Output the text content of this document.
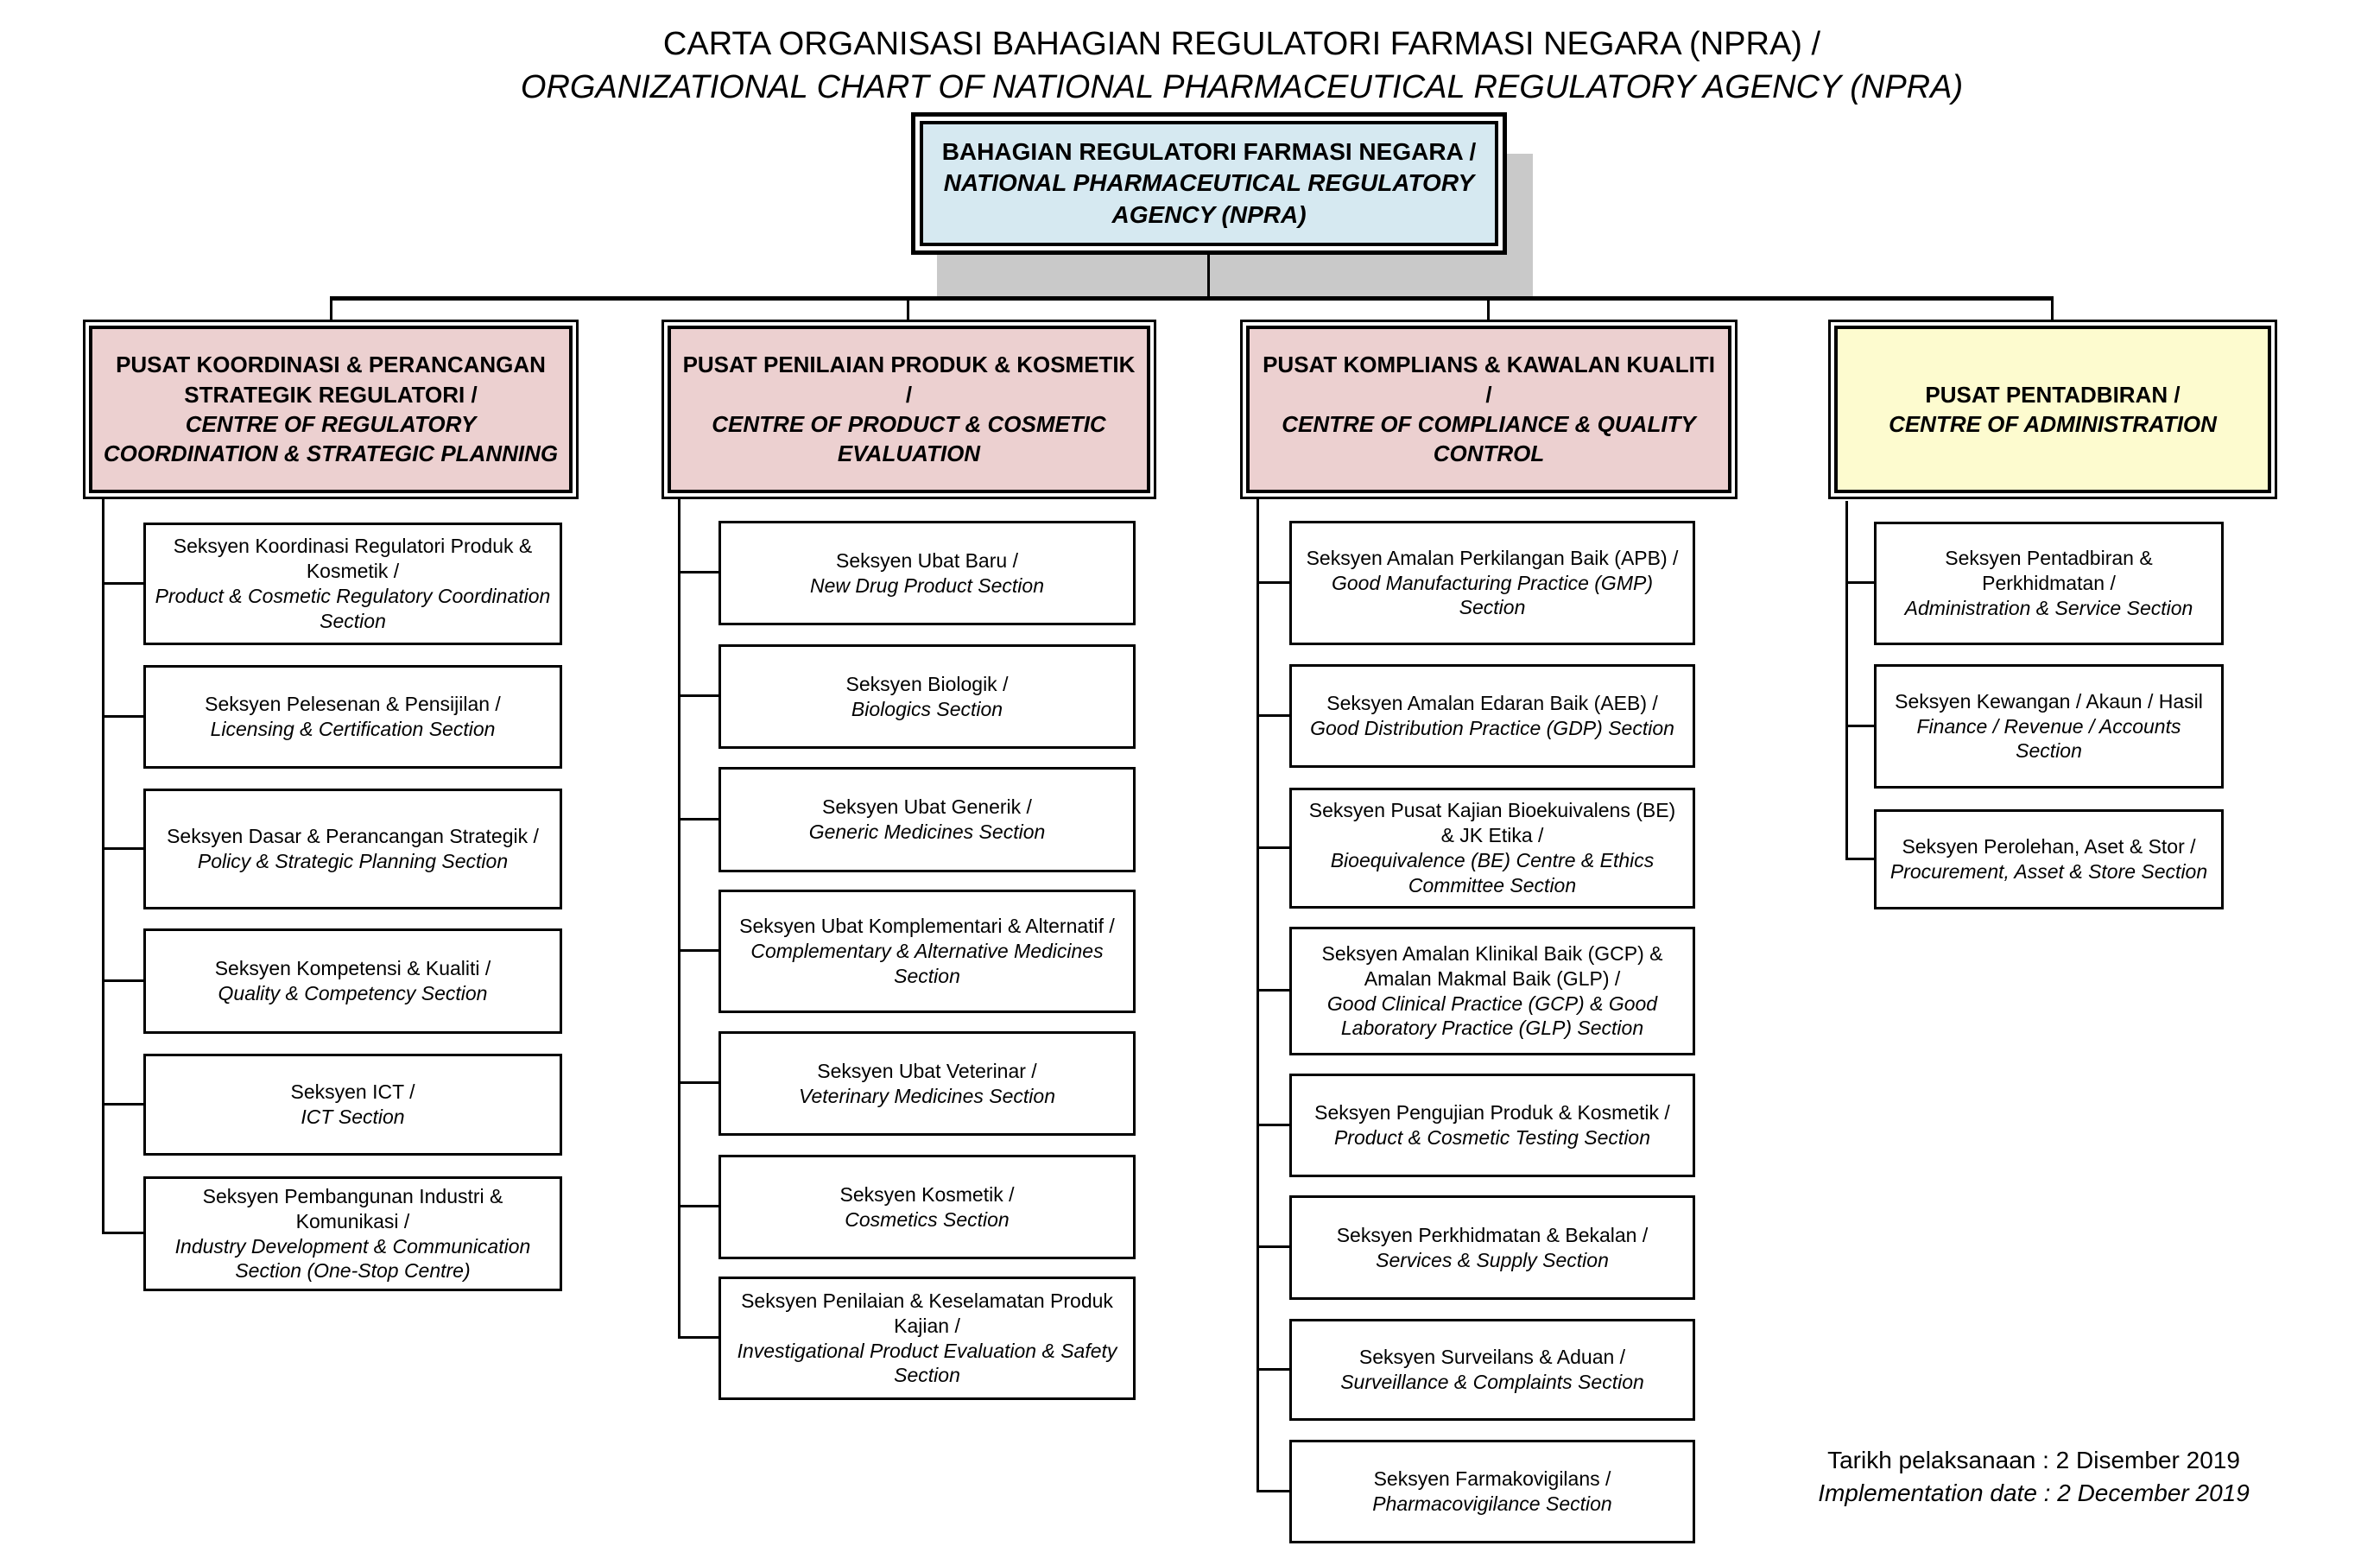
CARTA ORGANISASI BAHAGIAN REGULATORI FARMASI NEGARA (NPRA) /
ORGANIZATIONAL CHART OF NATIONAL PHARMACEUTICAL REGULATORY AGENCY (NPRA)
BAHAGIAN REGULATORI FARMASI NEGARA /
NATIONAL PHARMACEUTICAL REGULATORY AGENCY (NPRA)
PUSAT KOORDINASI & PERANCANGAN STRATEGIK REGULATORI /
CENTRE OF REGULATORY COORDINATION & STRATEGIC PLANNING
PUSAT PENILAIAN PRODUK & KOSMETIK /
CENTRE OF PRODUCT & COSMETIC EVALUATION
PUSAT KOMPLIANS & KAWALAN KUALITI /
CENTRE OF COMPLIANCE & QUALITY CONTROL
PUSAT PENTADBIRAN /
CENTRE OF ADMINISTRATION
Seksyen Koordinasi Regulatori Produk & Kosmetik /
Product & Cosmetic Regulatory Coordination Section
Seksyen Pelesenan & Pensijilan /
Licensing & Certification Section
Seksyen Dasar & Perancangan Strategik /
Policy & Strategic Planning Section
Seksyen Kompetensi & Kualiti /
Quality & Competency Section
Seksyen ICT /
ICT Section
Seksyen Pembangunan Industri & Komunikasi /
Industry Development & Communication Section (One-Stop Centre)
Seksyen Ubat Baru /
New Drug Product Section
Seksyen Biologik /
Biologics Section
Seksyen Ubat Generik /
Generic Medicines Section
Seksyen Ubat Komplementari & Alternatif /
Complementary & Alternative Medicines Section
Seksyen Ubat Veterinar /
Veterinary Medicines Section
Seksyen Kosmetik /
Cosmetics Section
Seksyen Penilaian & Keselamatan Produk Kajian /
Investigational Product Evaluation & Safety Section
Seksyen Amalan Perkilangan Baik (APB) /
Good Manufacturing Practice (GMP) Section
Seksyen Amalan Edaran Baik (AEB) /
Good Distribution Practice (GDP) Section
Seksyen Pusat Kajian Bioekuivalens (BE) & JK Etika /
Bioequivalence (BE) Centre & Ethics Committee Section
Seksyen Amalan Klinikal Baik (GCP) & Amalan Makmal Baik (GLP) /
Good Clinical Practice (GCP) & Good Laboratory Practice (GLP) Section
Seksyen Pengujian Produk & Kosmetik /
Product & Cosmetic Testing Section
Seksyen Perkhidmatan & Bekalan /
Services & Supply Section
Seksyen Surveilans & Aduan /
Surveillance & Complaints Section
Seksyen Farmakovigilans /
Pharmacovigilance Section
Seksyen Pentadbiran & Perkhidmatan /
Administration & Service Section
Seksyen Kewangan / Akaun / Hasil
Finance / Revenue / Accounts Section
Seksyen Perolehan, Aset & Stor /
Procurement, Asset & Store Section
Tarikh pelaksanaan : 2 Disember 2019
Implementation date : 2 December 2019
